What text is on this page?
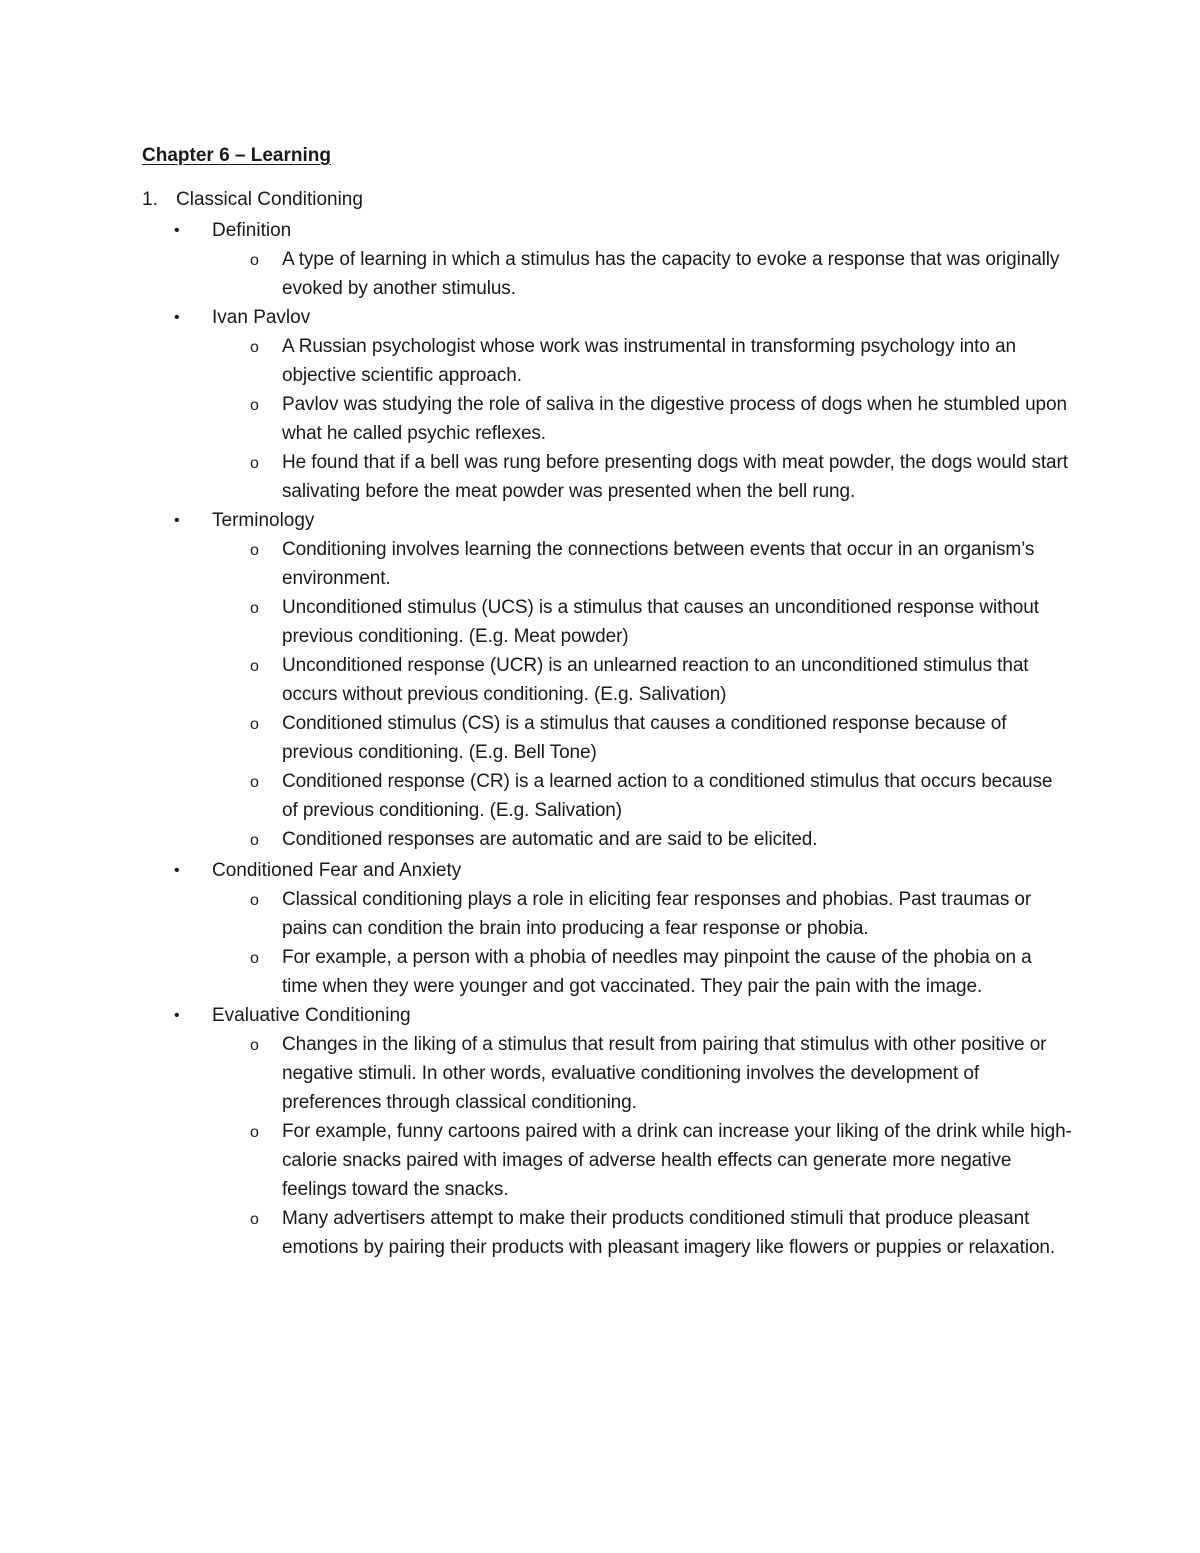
Chapter 6 – Learning
1. Classical Conditioning
•	Definition
o	A type of learning in which a stimulus has the capacity to evoke a response that was originally evoked by another stimulus.
•	Ivan Pavlov
o	A Russian psychologist whose work was instrumental in transforming psychology into an objective scientific approach.
o	Pavlov was studying the role of saliva in the digestive process of dogs when he stumbled upon what he called psychic reflexes.
o	He found that if a bell was rung before presenting dogs with meat powder, the dogs would start salivating before the meat powder was presented when the bell rung.
•	Terminology
o	Conditioning involves learning the connections between events that occur in an organism’s environment.
o	Unconditioned stimulus (UCS) is a stimulus that causes an unconditioned response without previous conditioning. (E.g. Meat powder)
o	Unconditioned response (UCR) is an unlearned reaction to an unconditioned stimulus that occurs without previous conditioning. (E.g. Salivation)
o	Conditioned stimulus (CS) is a stimulus that causes a conditioned response because of previous conditioning. (E.g. Bell Tone)
o	Conditioned response (CR) is a learned action to a conditioned stimulus that occurs because of previous conditioning. (E.g. Salivation)
o	Conditioned responses are automatic and are said to be elicited.
•	Conditioned Fear and Anxiety
o	Classical conditioning plays a role in eliciting fear responses and phobias. Past traumas or pains can condition the brain into producing a fear response or phobia.
o	For example, a person with a phobia of needles may pinpoint the cause of the phobia on a time when they were younger and got vaccinated. They pair the pain with the image.
•	Evaluative Conditioning
o	Changes in the liking of a stimulus that result from pairing that stimulus with other positive or negative stimuli. In other words, evaluative conditioning involves the development of preferences through classical conditioning.
o	For example, funny cartoons paired with a drink can increase your liking of the drink while high-calorie snacks paired with images of adverse health effects can generate more negative feelings toward the snacks.
o	Many advertisers attempt to make their products conditioned stimuli that produce pleasant emotions by pairing their products with pleasant imagery like flowers or puppies or relaxation.
